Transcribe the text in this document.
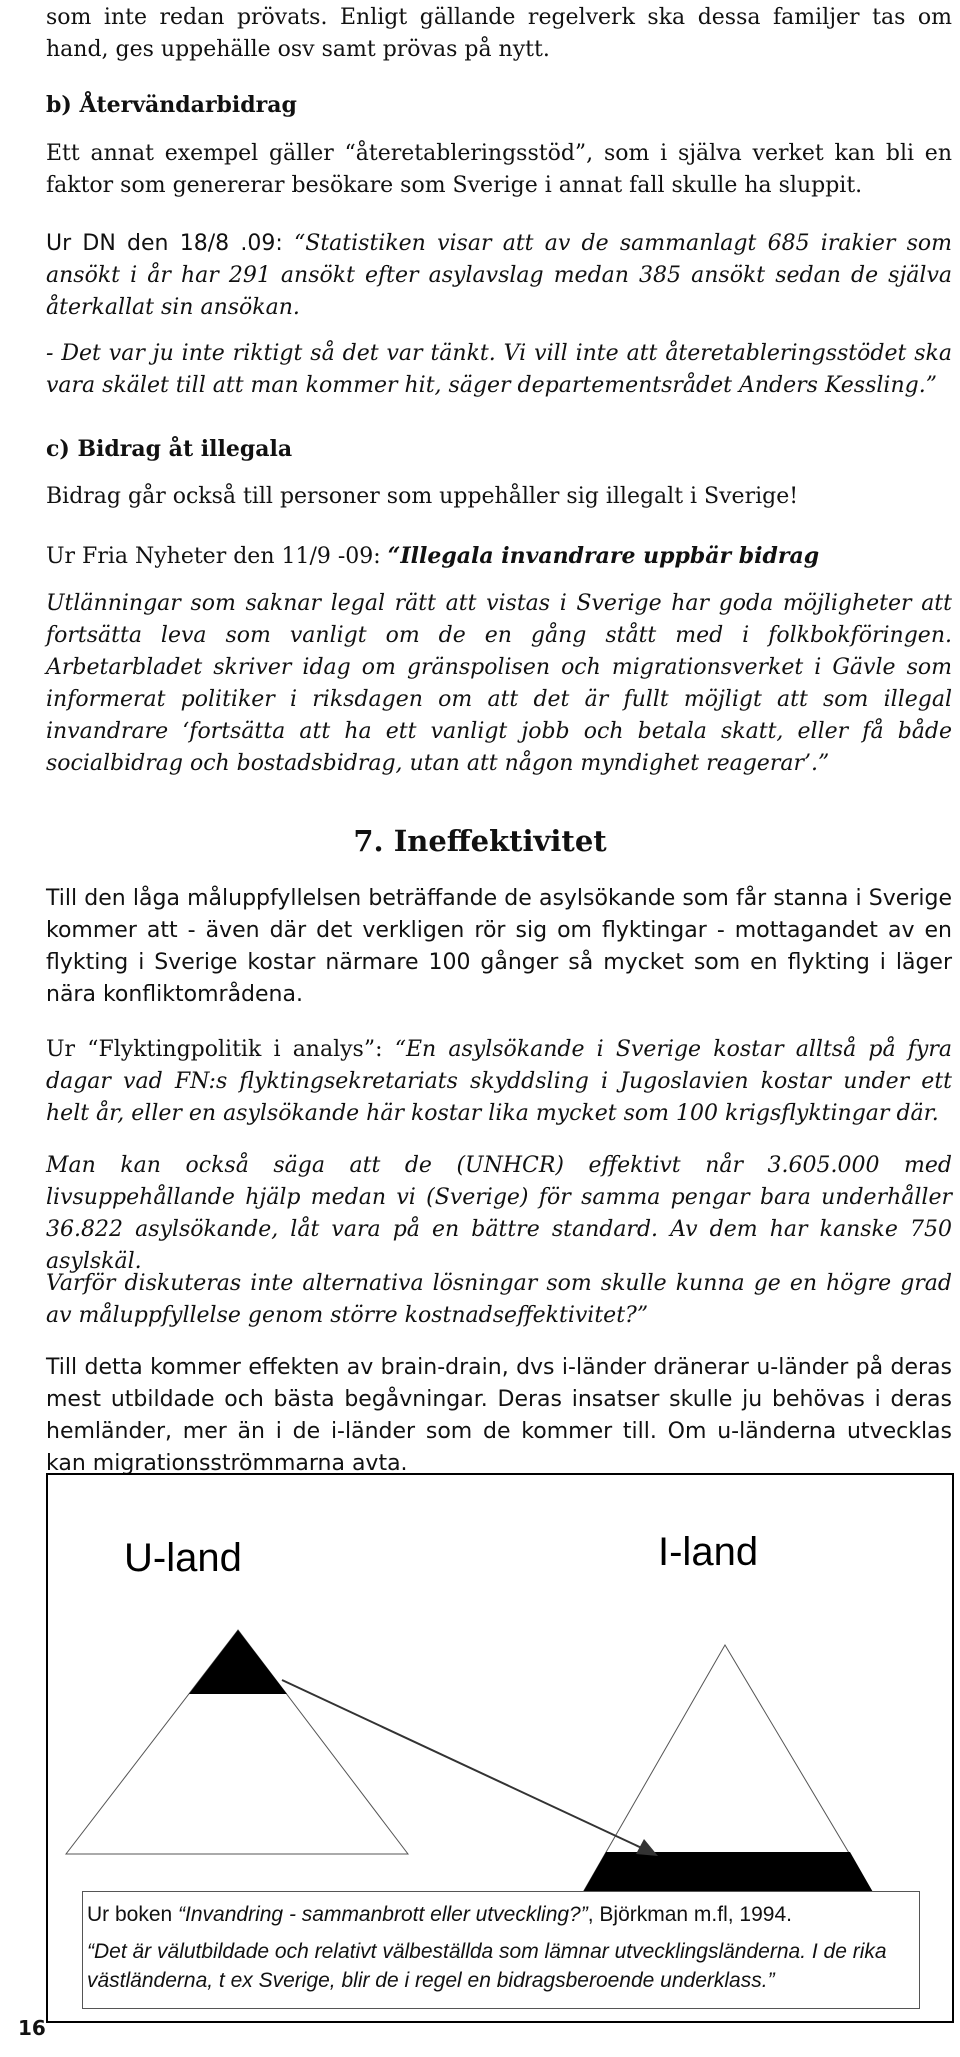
som inte redan prövats. Enligt gällande regelverk ska dessa familjer tas om hand, ges uppehälle osv samt prövas på nytt.

b) Återvändarbidrag

Ett annat exempel gäller “återetableringsstöd”, som i själva verket kan bli en faktor som genererar besökare som Sverige i annat fall skulle ha sluppit.

Ur DN den 18/8 .09: “Statistiken visar att av de sammanlagt 685 irakier som ansökt i år har 291 ansökt efter asylavslag medan 385 ansökt sedan de själva återkallat sin ansökan.

- Det var ju inte riktigt så det var tänkt. Vi vill inte att återetableringsstödet ska vara skälet till att man kommer hit, säger departementsrådet Anders Kessling.”

c) Bidrag åt illegala

Bidrag går också till personer som uppehåller sig illegalt i Sverige!

Ur Fria Nyheter den 11/9 -09: “Illegala invandrare uppbär bidrag

Utlänningar som saknar legal rätt att vistas i Sverige har goda möjligheter att fortsätta leva som vanligt om de en gång stått med i folkbokföringen. Arbetarbladet skriver idag om gränspolisen och migrationsverket i Gävle som informerat politiker i riksdagen om att det är fullt möjligt att som illegal invandrare ‘fortsätta att ha ett vanligt jobb och betala skatt, eller få både socialbidrag och bostadsbidrag, utan att någon myndighet reagerar’.”

7. Ineffektivitet

Till den låga måluppfyllelsen beträffande de asylsökande som får stanna i Sverige kommer att - även där det verkligen rör sig om flyktingar - mottagandet av en flykting i Sverige kostar närmare 100 gånger så mycket som en flykting i läger nära konfliktområdena.

Ur “Flyktingpolitik i analys”: “En asylsökande i Sverige kostar alltså på fyra dagar vad FN:s flyktingsekretariats skyddsling i Jugoslavien kostar under ett helt år, eller en asylsökande här kostar lika mycket som 100 krigsflyktingar där.

Man kan också säga att de (UNHCR) effektivt når 3.605.000 med livsuppehållande hjälp medan vi (Sverige) för samma pengar bara underhåller 36.822 asylsökande, låt vara på en bättre standard. Av dem har kanske 750 asylskäl.

Varför diskuteras inte alternativa lösningar som skulle kunna ge en högre grad av måluppfyllelse genom större kostnadseffektivitet?”

Till detta kommer effekten av brain-drain, dvs i-länder dränerar u-länder på deras mest utbildade och bästa begåvningar. Deras insatser skulle ju behövas i deras hemländer, mer än i de i-länder som de kommer till. Om u-länderna utvecklas kan migrationsströmmarna avta.

U-land	I-land

Ur boken “Invandring - sammanbrott eller utveckling?”, Björkman m.fl, 1994.

“Det är välutbildade och relativt välbeställda som lämnar utvecklingsländerna. I de rika västländerna, t ex Sverige, blir de i regel en bidragsberoende underklass.”

16
